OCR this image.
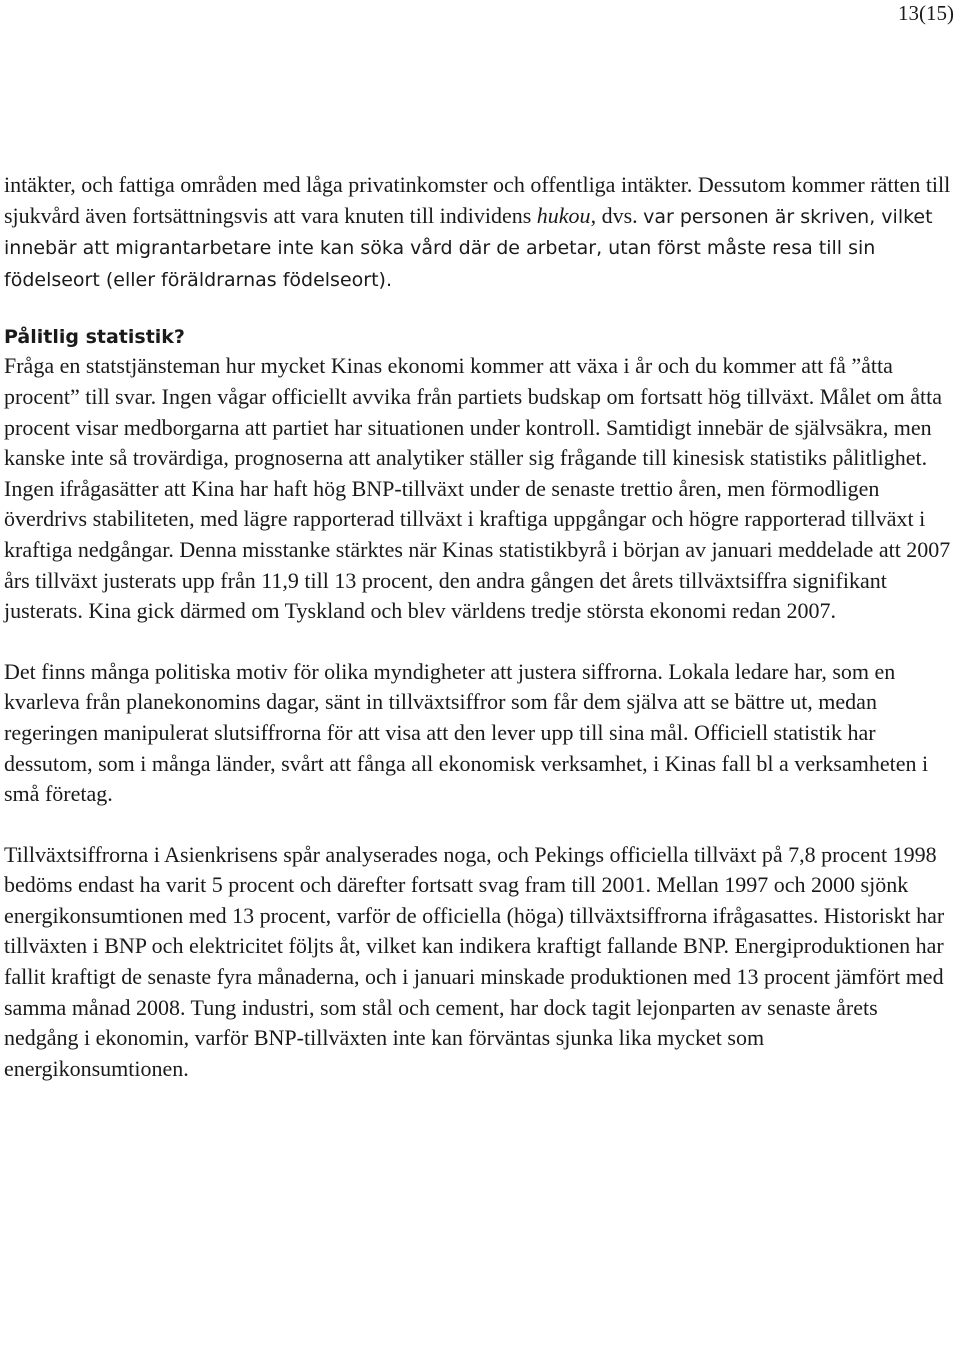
13(15)

intäkter, och fattiga områden med låga privatinkomster och offentliga intäkter. Dessutom kommer rätten till sjukvård även fortsättningsvis att vara knuten till individens hukou, dvs. var personen är skriven, vilket innebär att migrantarbetare inte kan söka vård där de arbetar, utan först måste resa till sin födelseort (eller föräldrarnas födelseort).

Pålitlig statistik?

Fråga en statstjänsteman hur mycket Kinas ekonomi kommer att växa i år och du kommer att få ”åtta procent” till svar. Ingen vågar officiellt avvika från partiets budskap om fortsatt hög tillväxt. Målet om åtta procent visar medborgarna att partiet har situationen under kontroll. Samtidigt innebär de självsäkra, men kanske inte så trovärdiga, prognoserna att analytiker ställer sig frågande till kinesisk statistiks pålitlighet. Ingen ifrågasätter att Kina har haft hög BNP-tillväxt under de senaste trettio åren, men förmodligen överdrivs stabiliteten, med lägre rapporterad tillväxt i kraftiga uppgångar och högre rapporterad tillväxt i kraftiga nedgångar. Denna misstanke stärktes när Kinas statistikbyrå i början av januari meddelade att 2007 års tillväxt justerats upp från 11,9 till 13 procent, den andra gången det årets tillväxtsiffra signifikant justerats. Kina gick därmed om Tyskland och blev världens tredje största ekonomi redan 2007.

Det finns många politiska motiv för olika myndigheter att justera siffrorna. Lokala ledare har, som en kvarleva från planekonomins dagar, sänt in tillväxtsiffror som får dem själva att se bättre ut, medan regeringen manipulerat slutsiffrorna för att visa att den lever upp till sina mål. Officiell statistik har dessutom, som i många länder, svårt att fånga all ekonomisk verksamhet, i Kinas fall bl a verksamheten i små företag.

Tillväxtsiffrorna i Asienkrisens spår analyserades noga, och Pekings officiella tillväxt på 7,8 procent 1998 bedöms endast ha varit 5 procent och därefter fortsatt svag fram till 2001. Mellan 1997 och 2000 sjönk energikonsumtionen med 13 procent, varför de officiella (höga) tillväxtsiffrorna ifrågasattes. Historiskt har tillväxten i BNP och elektricitet följts åt, vilket kan indikera kraftigt fallande BNP. Energiproduktionen har fallit kraftigt de senaste fyra månaderna, och i januari minskade produktionen med 13 procent jämfört med samma månad 2008. Tung industri, som stål och cement, har dock tagit lejonparten av senaste årets nedgång i ekonomin, varför BNP-tillväxten inte kan förväntas sjunka lika mycket som energikonsumtionen.
